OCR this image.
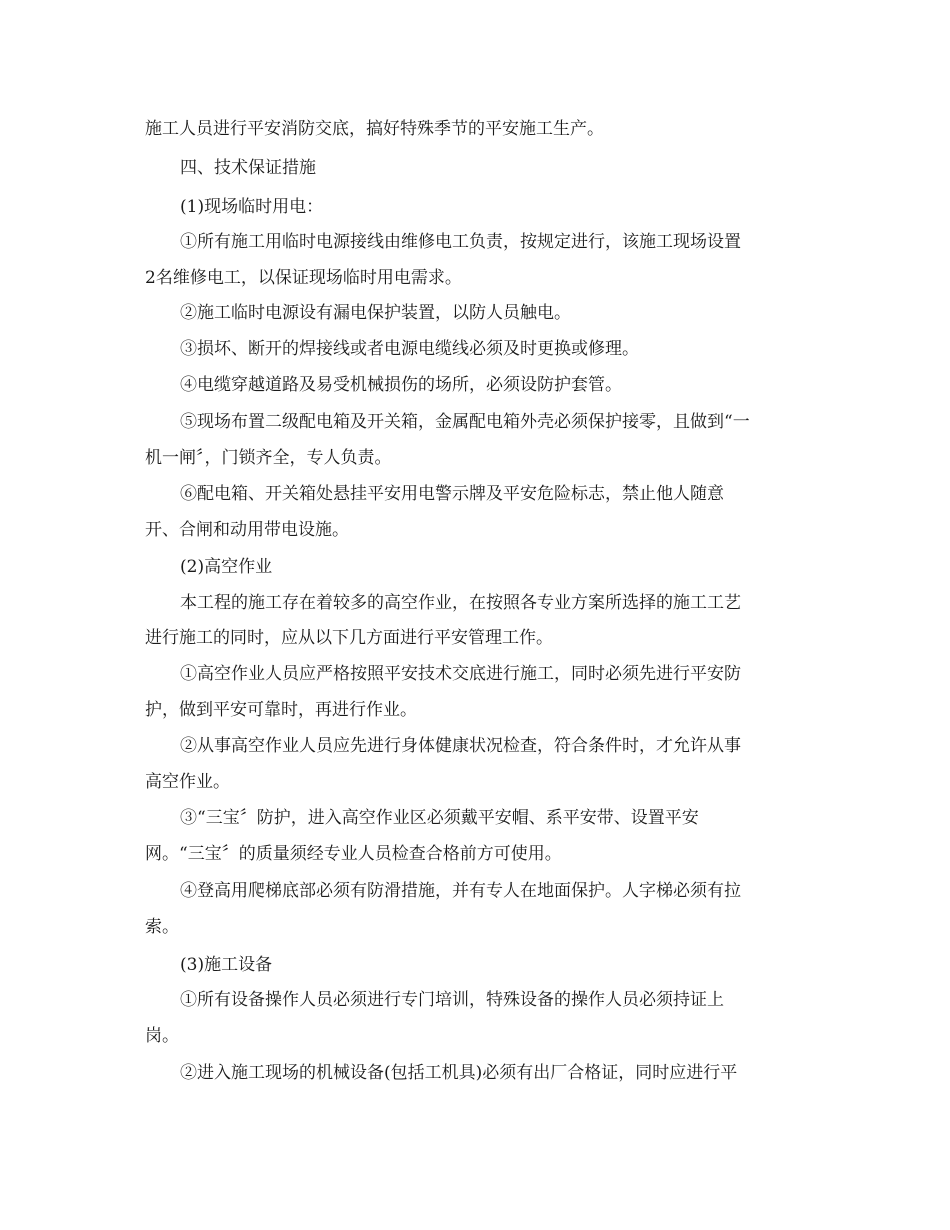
施工人员进行平安消防交底，搞好特殊季节的平安施工生产。
四、技术保证措施
(1)现场临时用电：
①所有施工用临时电源接线由维修电工负责，按规定进行，该施工现场设置
2名维修电工，以保证现场临时用电需求。
②施工临时电源设有漏电保护装置，以防人员触电。
③损坏、断开的焊接线或者电源电缆线必须及时更换或修理。
④电缆穿越道路及易受机械损伤的场所，必须设防护套管。
⑤现场布置二级配电箱及开关箱，金属配电箱外壳必须保护接零，且做到“一
机一闸〞，门锁齐全，专人负责。
⑥配电箱、开关箱处悬挂平安用电警示牌及平安危险标志，禁止他人随意
开、合闸和动用带电设施。
(2)高空作业
本工程的施工存在着较多的高空作业，在按照各专业方案所选择的施工工艺
进行施工的同时，应从以下几方面进行平安管理工作。
①高空作业人员应严格按照平安技术交底进行施工，同时必须先进行平安防
护，做到平安可靠时，再进行作业。
②从事高空作业人员应先进行身体健康状况检查，符合条件时，才允许从事
高空作业。
③“三宝〞防护，进入高空作业区必须戴平安帽、系平安带、设置平安
网。“三宝〞的质量须经专业人员检查合格前方可使用。
④登高用爬梯底部必须有防滑措施，并有专人在地面保护。人字梯必须有拉
索。
(3)施工设备
①所有设备操作人员必须进行专门培训，特殊设备的操作人员必须持证上
岗。
②进入施工现场的机械设备(包括工机具)必须有出厂合格证，同时应进行平
